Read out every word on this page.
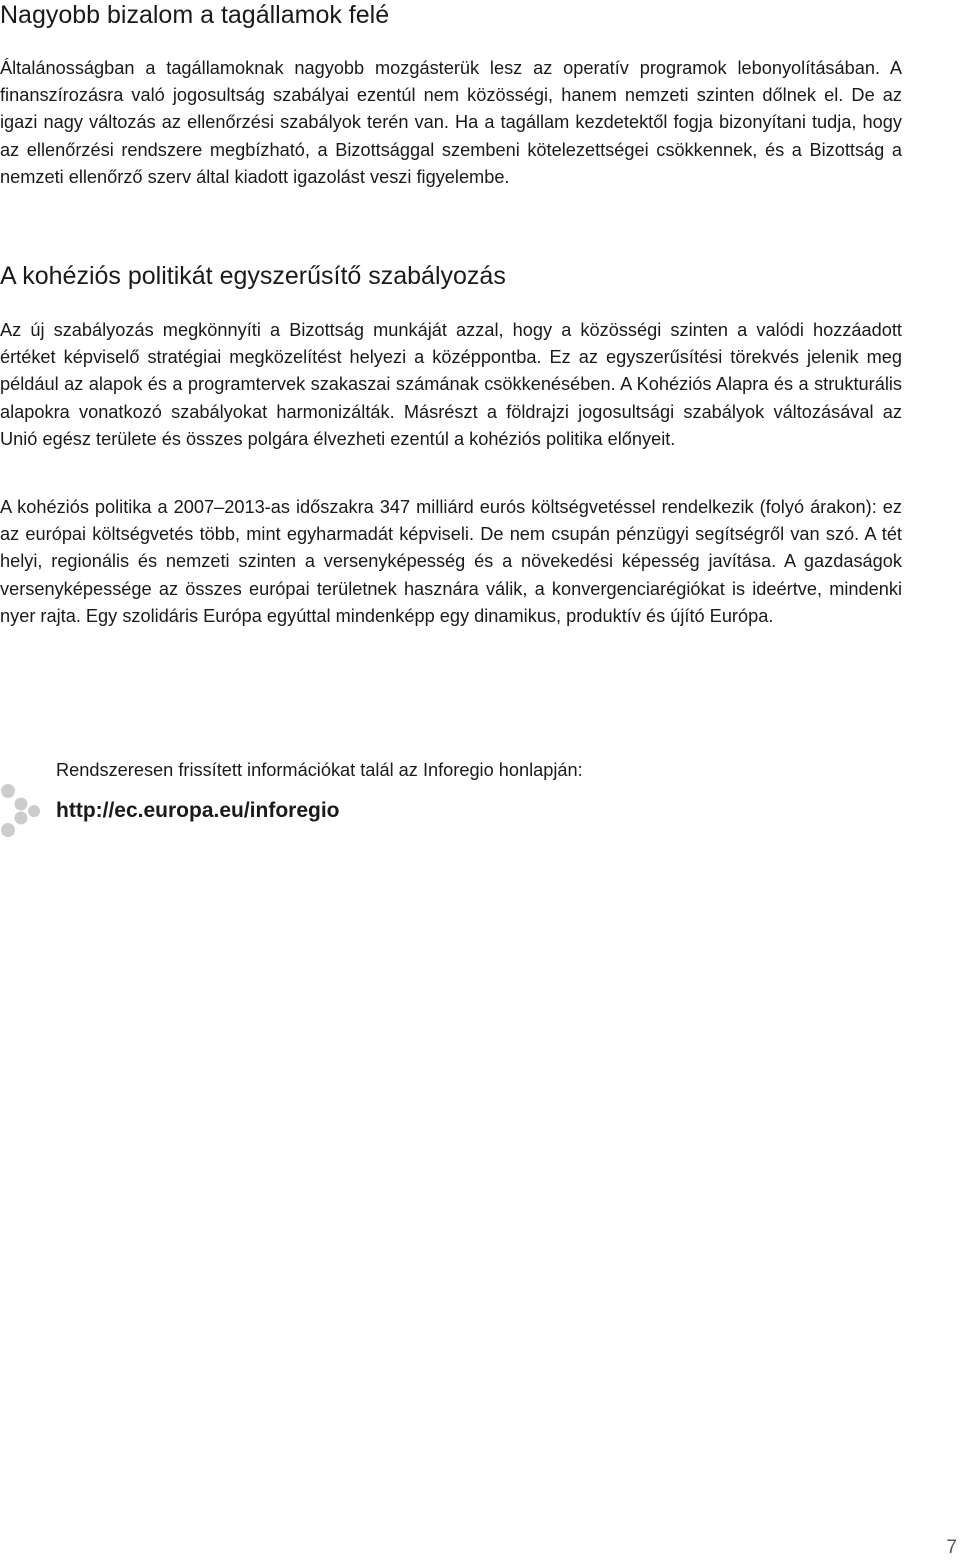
Nagyobb bizalom a tagállamok felé

Általánosságban a tagállamoknak nagyobb mozgásterük lesz az operatív programok lebonyolításában. A finanszírozásra való jogosultság szabályai ezentúl nem közösségi, hanem nemzeti szinten dőlnek el. De az igazi nagy változás az ellenőrzési szabályok terén van. Ha a tagállam kezdetektől fogja bizonyítani tudja, hogy az ellenőrzési rendszere megbízható, a Bizottsággal szembeni kötelezettségei csökkennek, és a Bizottság a nemzeti ellenőrző szerv által kiadott igazolást veszi figyelembe.

A kohéziós politikát egyszerűsítő szabályozás

Az új szabályozás megkönnyíti a Bizottság munkáját azzal, hogy a közösségi szinten a valódi hozzáadott értéket képviselő stratégiai megközelítést helyezi a középpontba. Ez az egyszerűsítési törekvés jelenik meg például az alapok és a programtervek szakaszai számának csökkenésében. A Kohéziós Alapra és a strukturális alapokra vonatkozó szabályokat harmonizálták. Másrészt a földrajzi jogosultsági szabályok változásával az Unió egész területe és összes polgára élvezheti ezentúl a kohéziós politika előnyeit.

A kohéziós politika a 2007–2013-as időszakra 347 milliárd eurós költségvetéssel rendelkezik (folyó árakon): ez az európai költségvetés több, mint egyharmadát képviseli. De nem csupán pénzügyi segítségről van szó. A tét helyi, regionális és nemzeti szinten a versenyképesség és a növekedési képesség javítása. A gazdaságok versenyképessége az összes európai területnek hasznára válik, a konvergenciarégiókat is ideértve, mindenki nyer rajta. Egy szolidáris Európa egyúttal mindenképp egy dinamikus, produktív és újító Európa.

Rendszeresen frissített információkat talál az Inforegio honlapján:

http://ec.europa.eu/inforegio
7
